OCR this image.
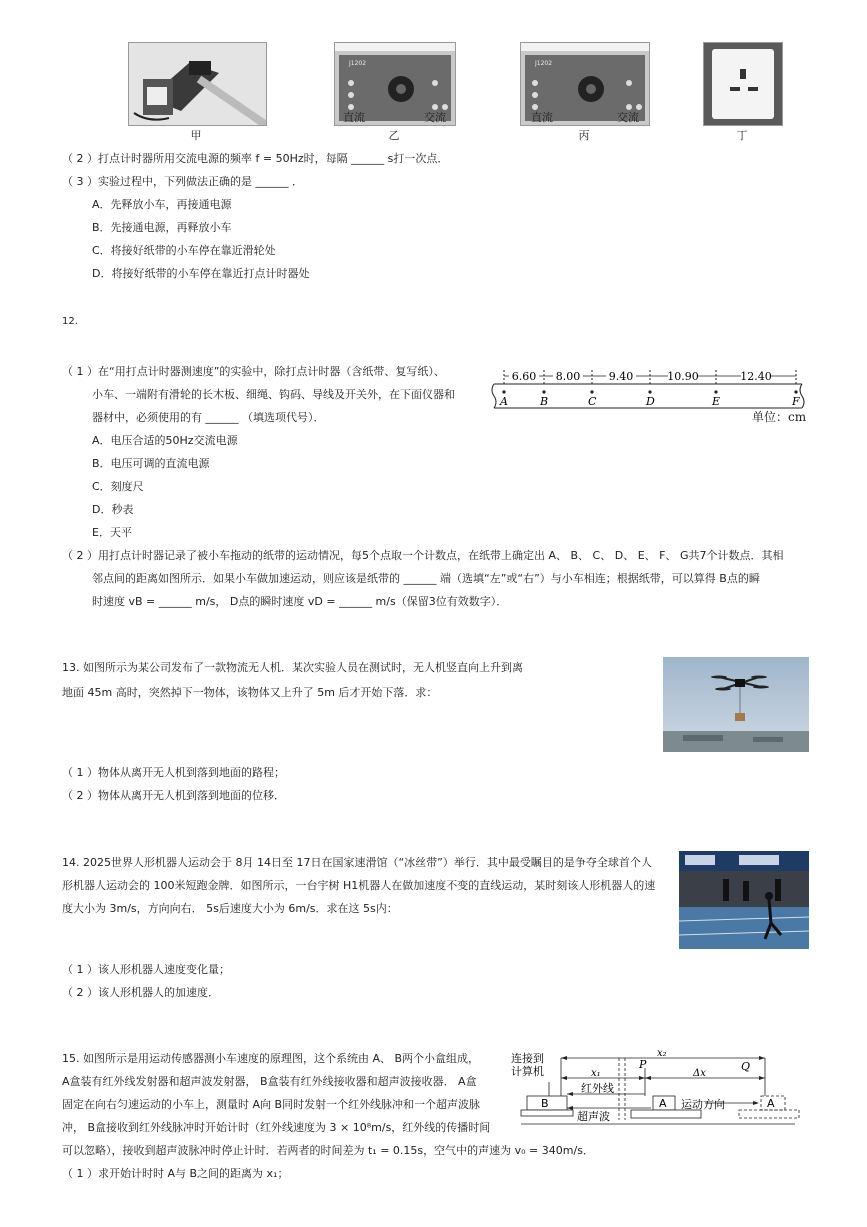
J1202
直流	交流
J1202
直流	交流
甲	乙	丙	丁
（ 2 ）打点计时器所用交流电源的频率 f = 50Hz时，每隔 ______ s打一次点．
（ 3 ）实验过程中，下列做法正确的是 ______ ．
A．先释放小车，再接通电源
B．先接通电源，再释放小车
C．将接好纸带的小车停在靠近滑轮处
D．将接好纸带的小车停在靠近打点计时器处
12.
（ 1 ）在“用打点计时器测速度”的实验中，除打点计时器（含纸带、复写纸）、
小车、一端附有滑轮的长木板、细绳、钩码、导线及开关外，在下面仪器和
器材中，必须使用的有 ______ （填选项代号）．
A．电压合适的50Hz交流电源
B．电压可调的直流电源
C．刻度尺
D．秒表
E．天平
（ 2 ）用打点计时器记录了被小车拖动的纸带的运动情况，每5个点取一个计数点，在纸带上确定出 A、 B、 C、 D、 E、 F、 G共7个计数点．其相
邻点间的距离如图所示．如果小车做加速运动，则应该是纸带的 ______ 端（选填“左”或“右”）与小车相连；根据纸带，可以算得 B点的瞬
时速度 vB = ______ m/s， D点的瞬时速度 vD = ______ m/s（保留3位有效数字）．
A	B	C	D	E	F
6.60 8.00	9.40	10.90	12.40
单位：cm
13. 如图所示为某公司发布了一款物流无人机．某次实验人员在测试时，无人机竖直向上升到离
地面 45m 高时，突然掉下一物体，该物体又上升了 5m 后才开始下落．求：
（ 1 ）物体从离开无人机到落到地面的路程；
（ 2 ）物体从离开无人机到落到地面的位移．
14. 2025世界人形机器人运动会于 8月 14日至 17日在国家速滑馆（“冰丝带”）举行．其中最受瞩目的是争夺全球首个人
形机器人运动会的 100米短跑金牌．如图所示，一台宇树 H1机器人在做加速度不变的直线运动，某时刻该人形机器人的速
度大小为 3m/s，方向向右． 5s后速度大小为 6m/s．求在这 5s内：
（ 1 ）该人形机器人速度变化量；
（ 2 ）该人形机器人的加速度．
15. 如图所示是用运动传感器测小车速度的原理图，这个系统由 A、 B两个小盒组成，
A盒装有红外线发射器和超声波发射器， B盒装有红外线接收器和超声波接收器． A盒
固定在向右匀速运动的小车上，测量时 A向 B同时发射一个红外线脉冲和一个超声波脉
冲， B盒接收到红外线脉冲时开始计时（红外线速度为 3 × 10⁸m/s，红外线的传播时间
可以忽略），接收到超声波脉冲时停止计时．若两者的时间差为 t₁ = 0.15s，空气中的声速为 v₀ = 340m/s．
（ 1 ）求开始计时时 A与 B之间的距离为 x₁；
连接到
计算机	x₁
x₂
Δx
P	Q
红外线
超声波
运动方向
B	A	A
